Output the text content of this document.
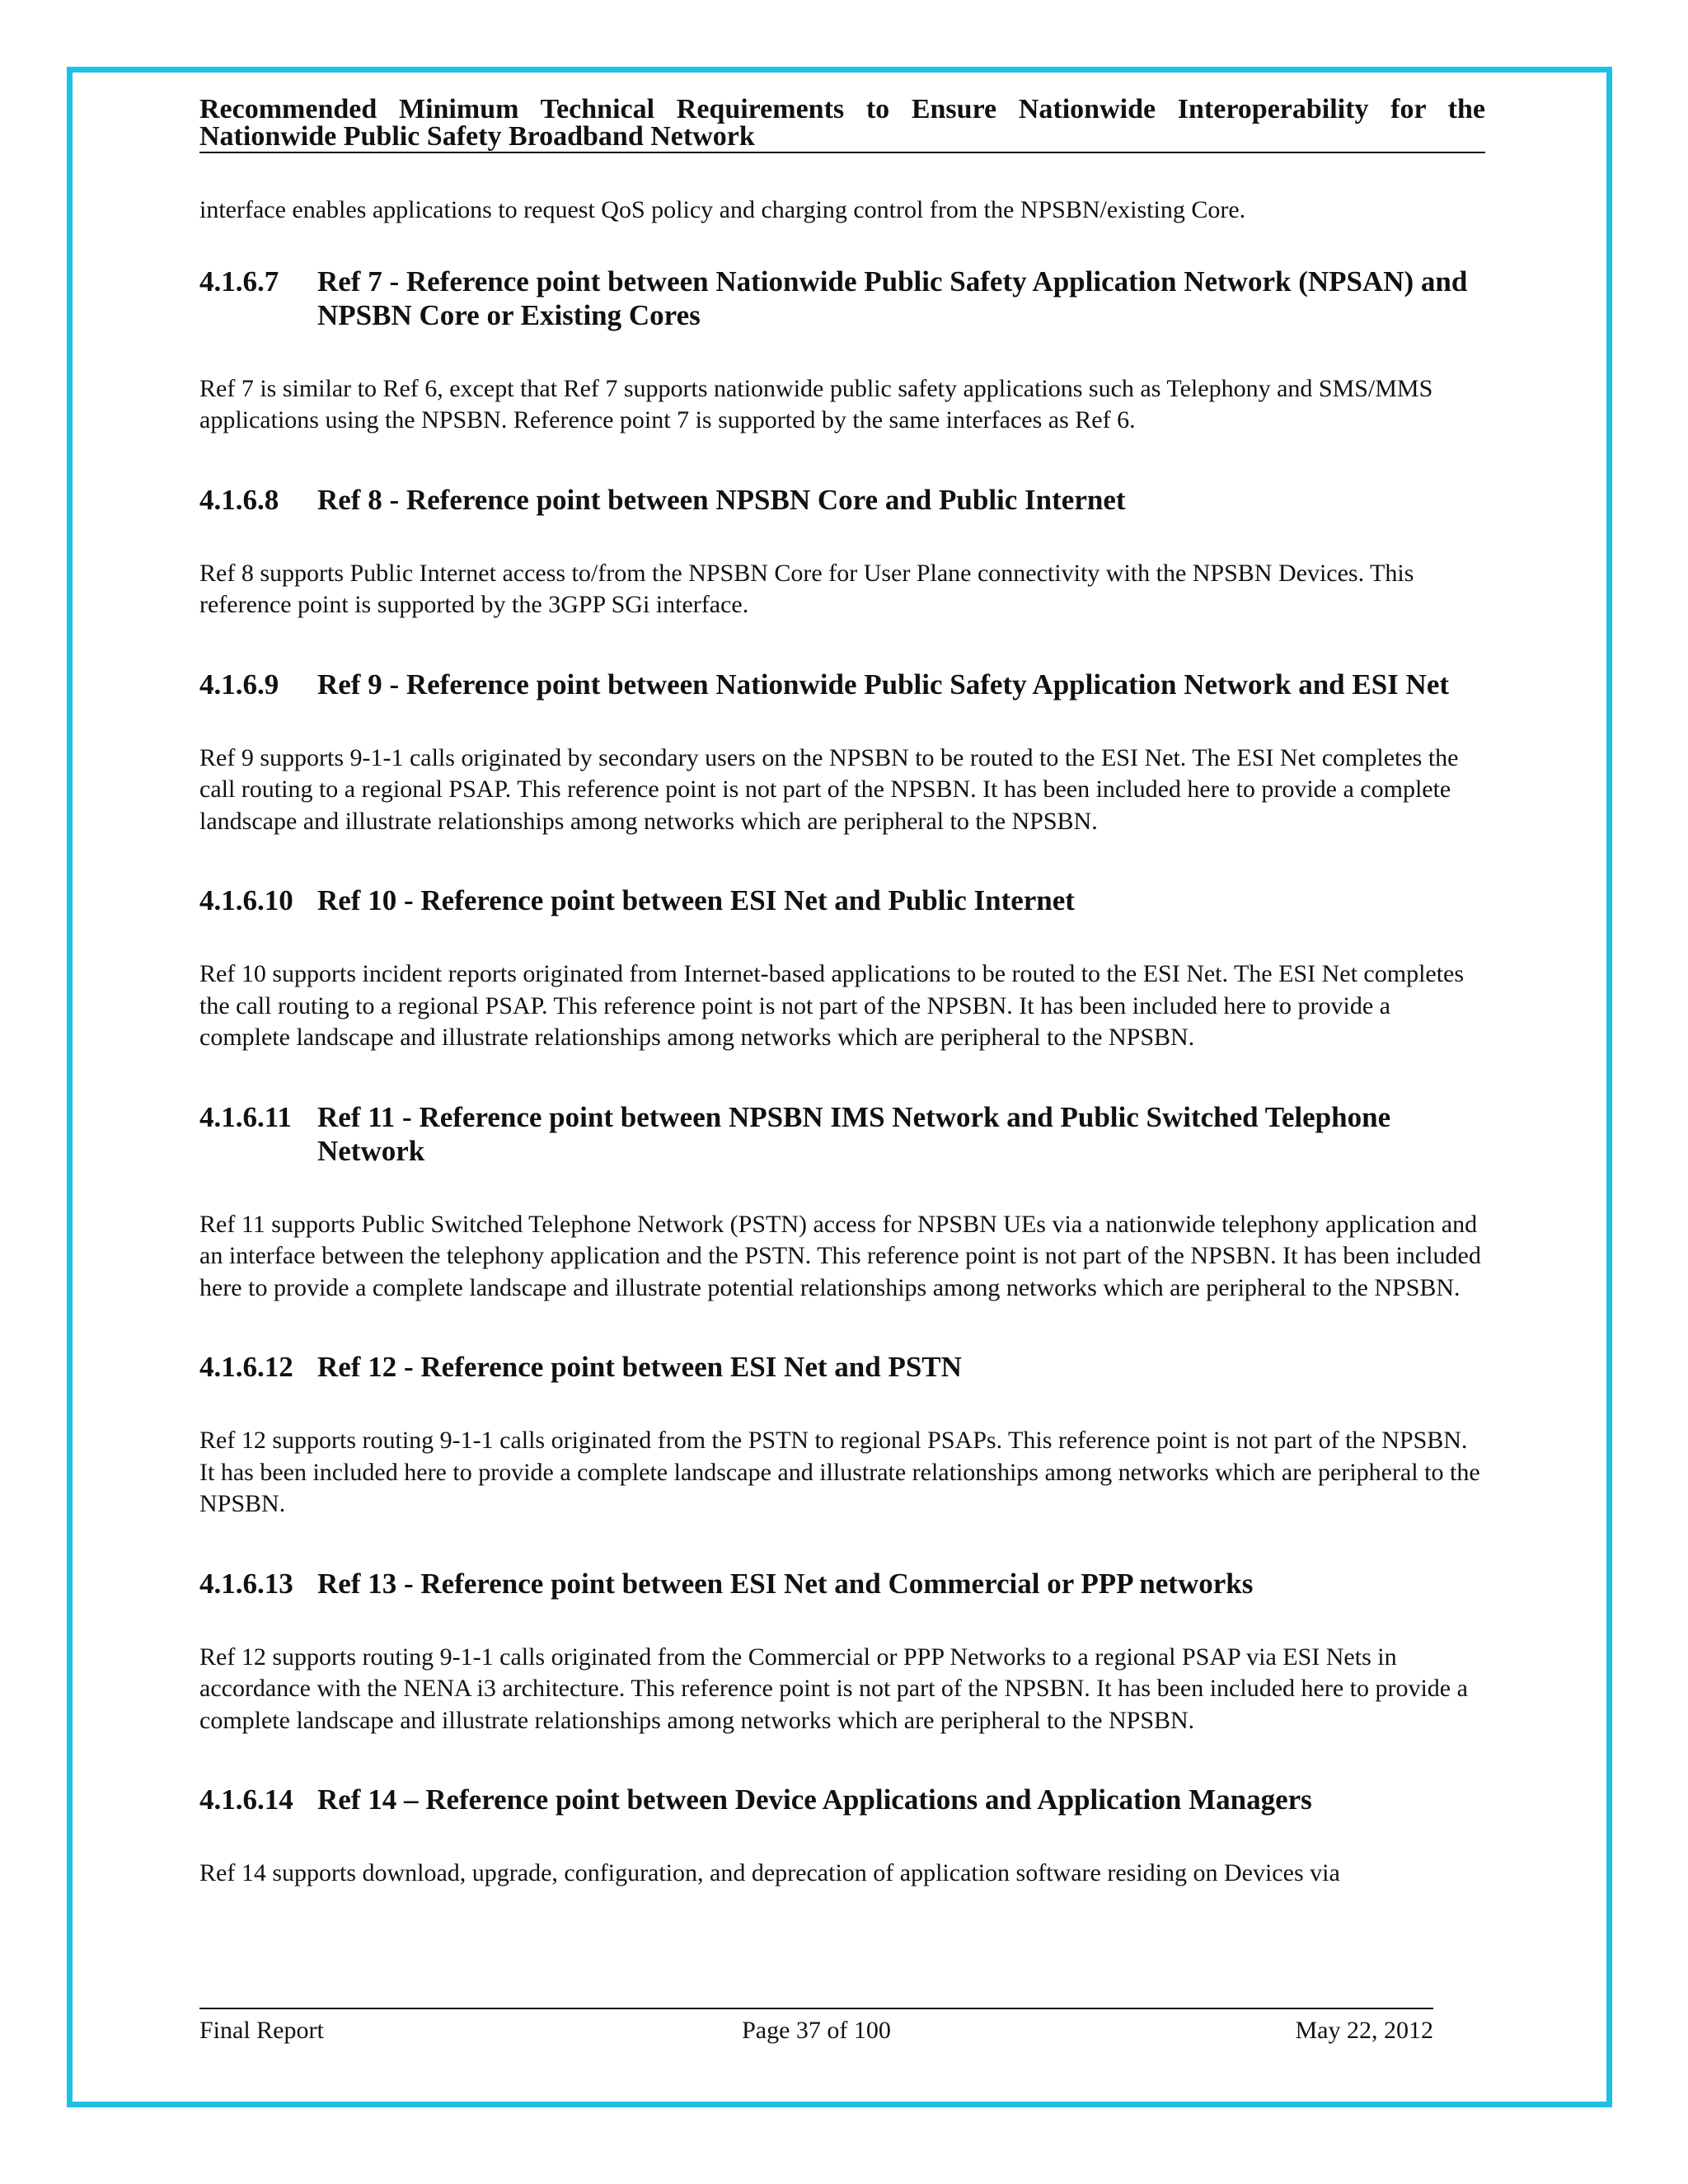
Recommended Minimum Technical Requirements to Ensure Nationwide Interoperability for the Nationwide Public Safety Broadband Network

interface enables applications to request QoS policy and charging control from the NPSBN/existing Core.

4.1.6.7	Ref 7 - Reference point between Nationwide Public Safety Application Network (NPSAN) and NPSBN Core or Existing Cores

Ref 7 is similar to Ref 6, except that Ref 7 supports nationwide public safety applications such as Telephony and SMS/MMS applications using the NPSBN. Reference point 7 is supported by the same interfaces as Ref 6.

4.1.6.8	Ref 8 - Reference point between NPSBN Core and Public Internet

Ref 8 supports Public Internet access to/from the NPSBN Core for User Plane connectivity with the NPSBN Devices. This reference point is supported by the 3GPP SGi interface.

4.1.6.9	Ref 9 - Reference point between Nationwide Public Safety Application Network and ESI Net

Ref 9 supports 9-1-1 calls originated by secondary users on the NPSBN to be routed to the ESI Net. The ESI Net completes the call routing to a regional PSAP. This reference point is not part of the NPSBN. It has been included here to provide a complete landscape and illustrate relationships among networks which are peripheral to the NPSBN.

4.1.6.10 Ref 10 - Reference point between ESI Net and Public Internet

Ref 10 supports incident reports originated from Internet-based applications to be routed to the ESI Net. The ESI Net completes the call routing to a regional PSAP. This reference point is not part of the NPSBN. It has been included here to provide a complete landscape and illustrate relationships among networks which are peripheral to the NPSBN.

4.1.6.11 Ref 11 - Reference point between NPSBN IMS Network and Public Switched Telephone Network

Ref 11 supports Public Switched Telephone Network (PSTN) access for NPSBN UEs via a nationwide telephony application and an interface between the telephony application and the PSTN. This reference point is not part of the NPSBN. It has been included here to provide a complete landscape and illustrate potential relationships among networks which are peripheral to the NPSBN.

4.1.6.12 Ref 12 - Reference point between ESI Net and PSTN

Ref 12 supports routing 9-1-1 calls originated from the PSTN to regional PSAPs. This reference point is not part of the NPSBN. It has been included here to provide a complete landscape and illustrate relationships among networks which are peripheral to the NPSBN.

4.1.6.13 Ref 13 - Reference point between ESI Net and Commercial or PPP networks

Ref 12 supports routing 9-1-1 calls originated from the Commercial or PPP Networks to a regional PSAP via ESI Nets in accordance with the NENA i3 architecture. This reference point is not part of the NPSBN. It has been included here to provide a complete landscape and illustrate relationships among networks which are peripheral to the NPSBN.

4.1.6.14 Ref 14 – Reference point between Device Applications and Application Managers

Ref 14 supports download, upgrade, configuration, and deprecation of application software residing on Devices via

Final Report	Page 37 of 100	May 22, 2012
